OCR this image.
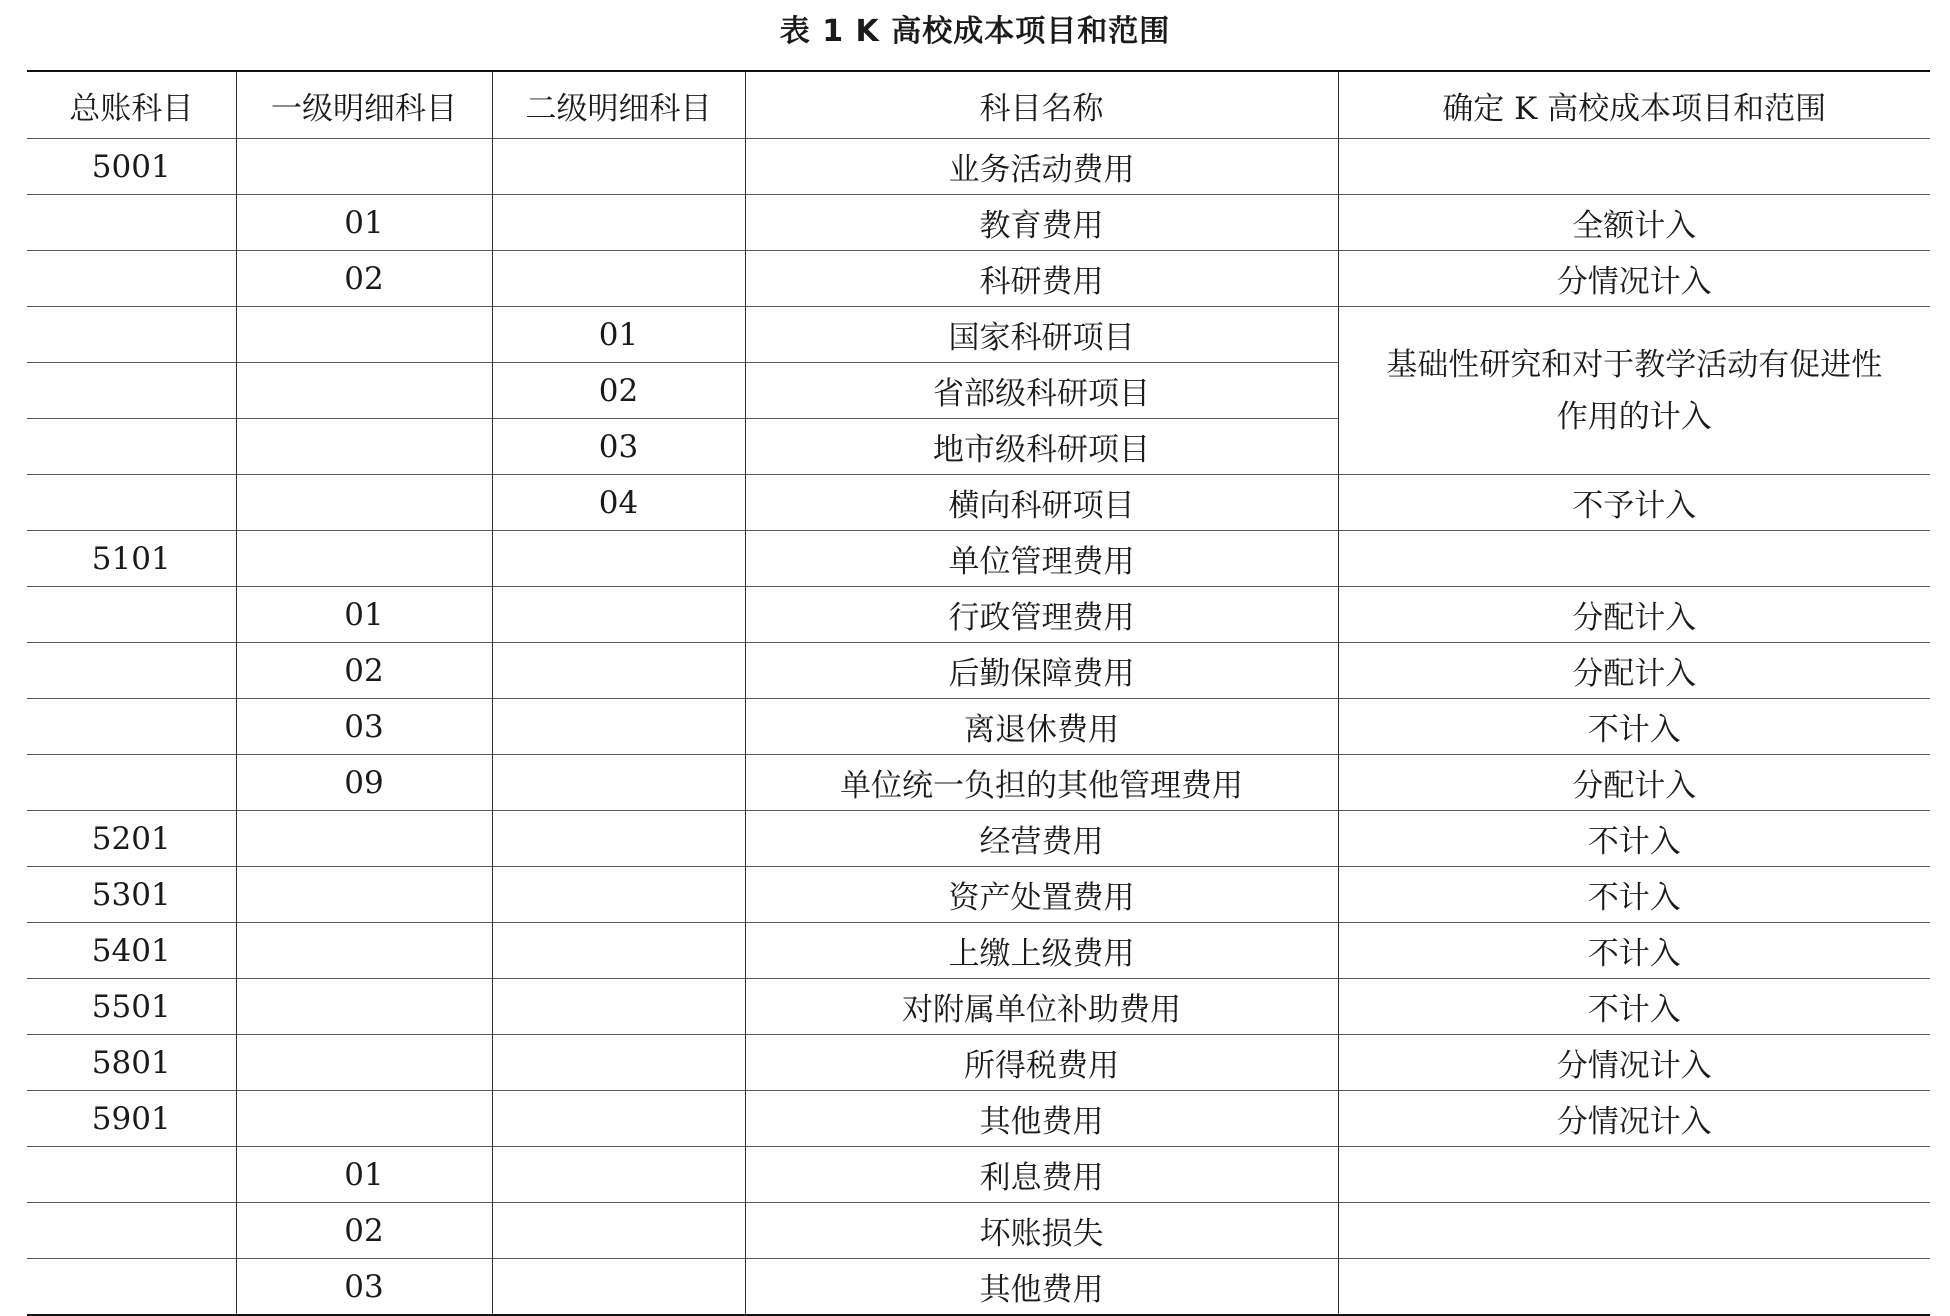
表 1 K 高校成本项目和范围
总账科目	一级明细科目	二级明细科目	科目名称	确定 K 高校成本项目和范围
5001			业务活动费用	
	01		教育费用	全额计入
	02		科研费用	分情况计入
		01	国家科研项目	基础性研究和对于教学活动有促进性
作用的计入

		02	省部级科研项目	
		03	地市级科研项目	
		04	横向科研项目	不予计入
5101			单位管理费用	
	01		行政管理费用	分配计入
	02		后勤保障费用	分配计入
	03		离退休费用	不计入
	09		单位统一负担的其他管理费用	分配计入
5201			经营费用	不计入
5301			资产处置费用	不计入
5401			上缴上级费用	不计入
5501			对附属单位补助费用	不计入
5801			所得税费用	分情况计入
5901			其他费用	分情况计入
	01		利息费用	
	02		坏账损失	
	03		其他费用	
